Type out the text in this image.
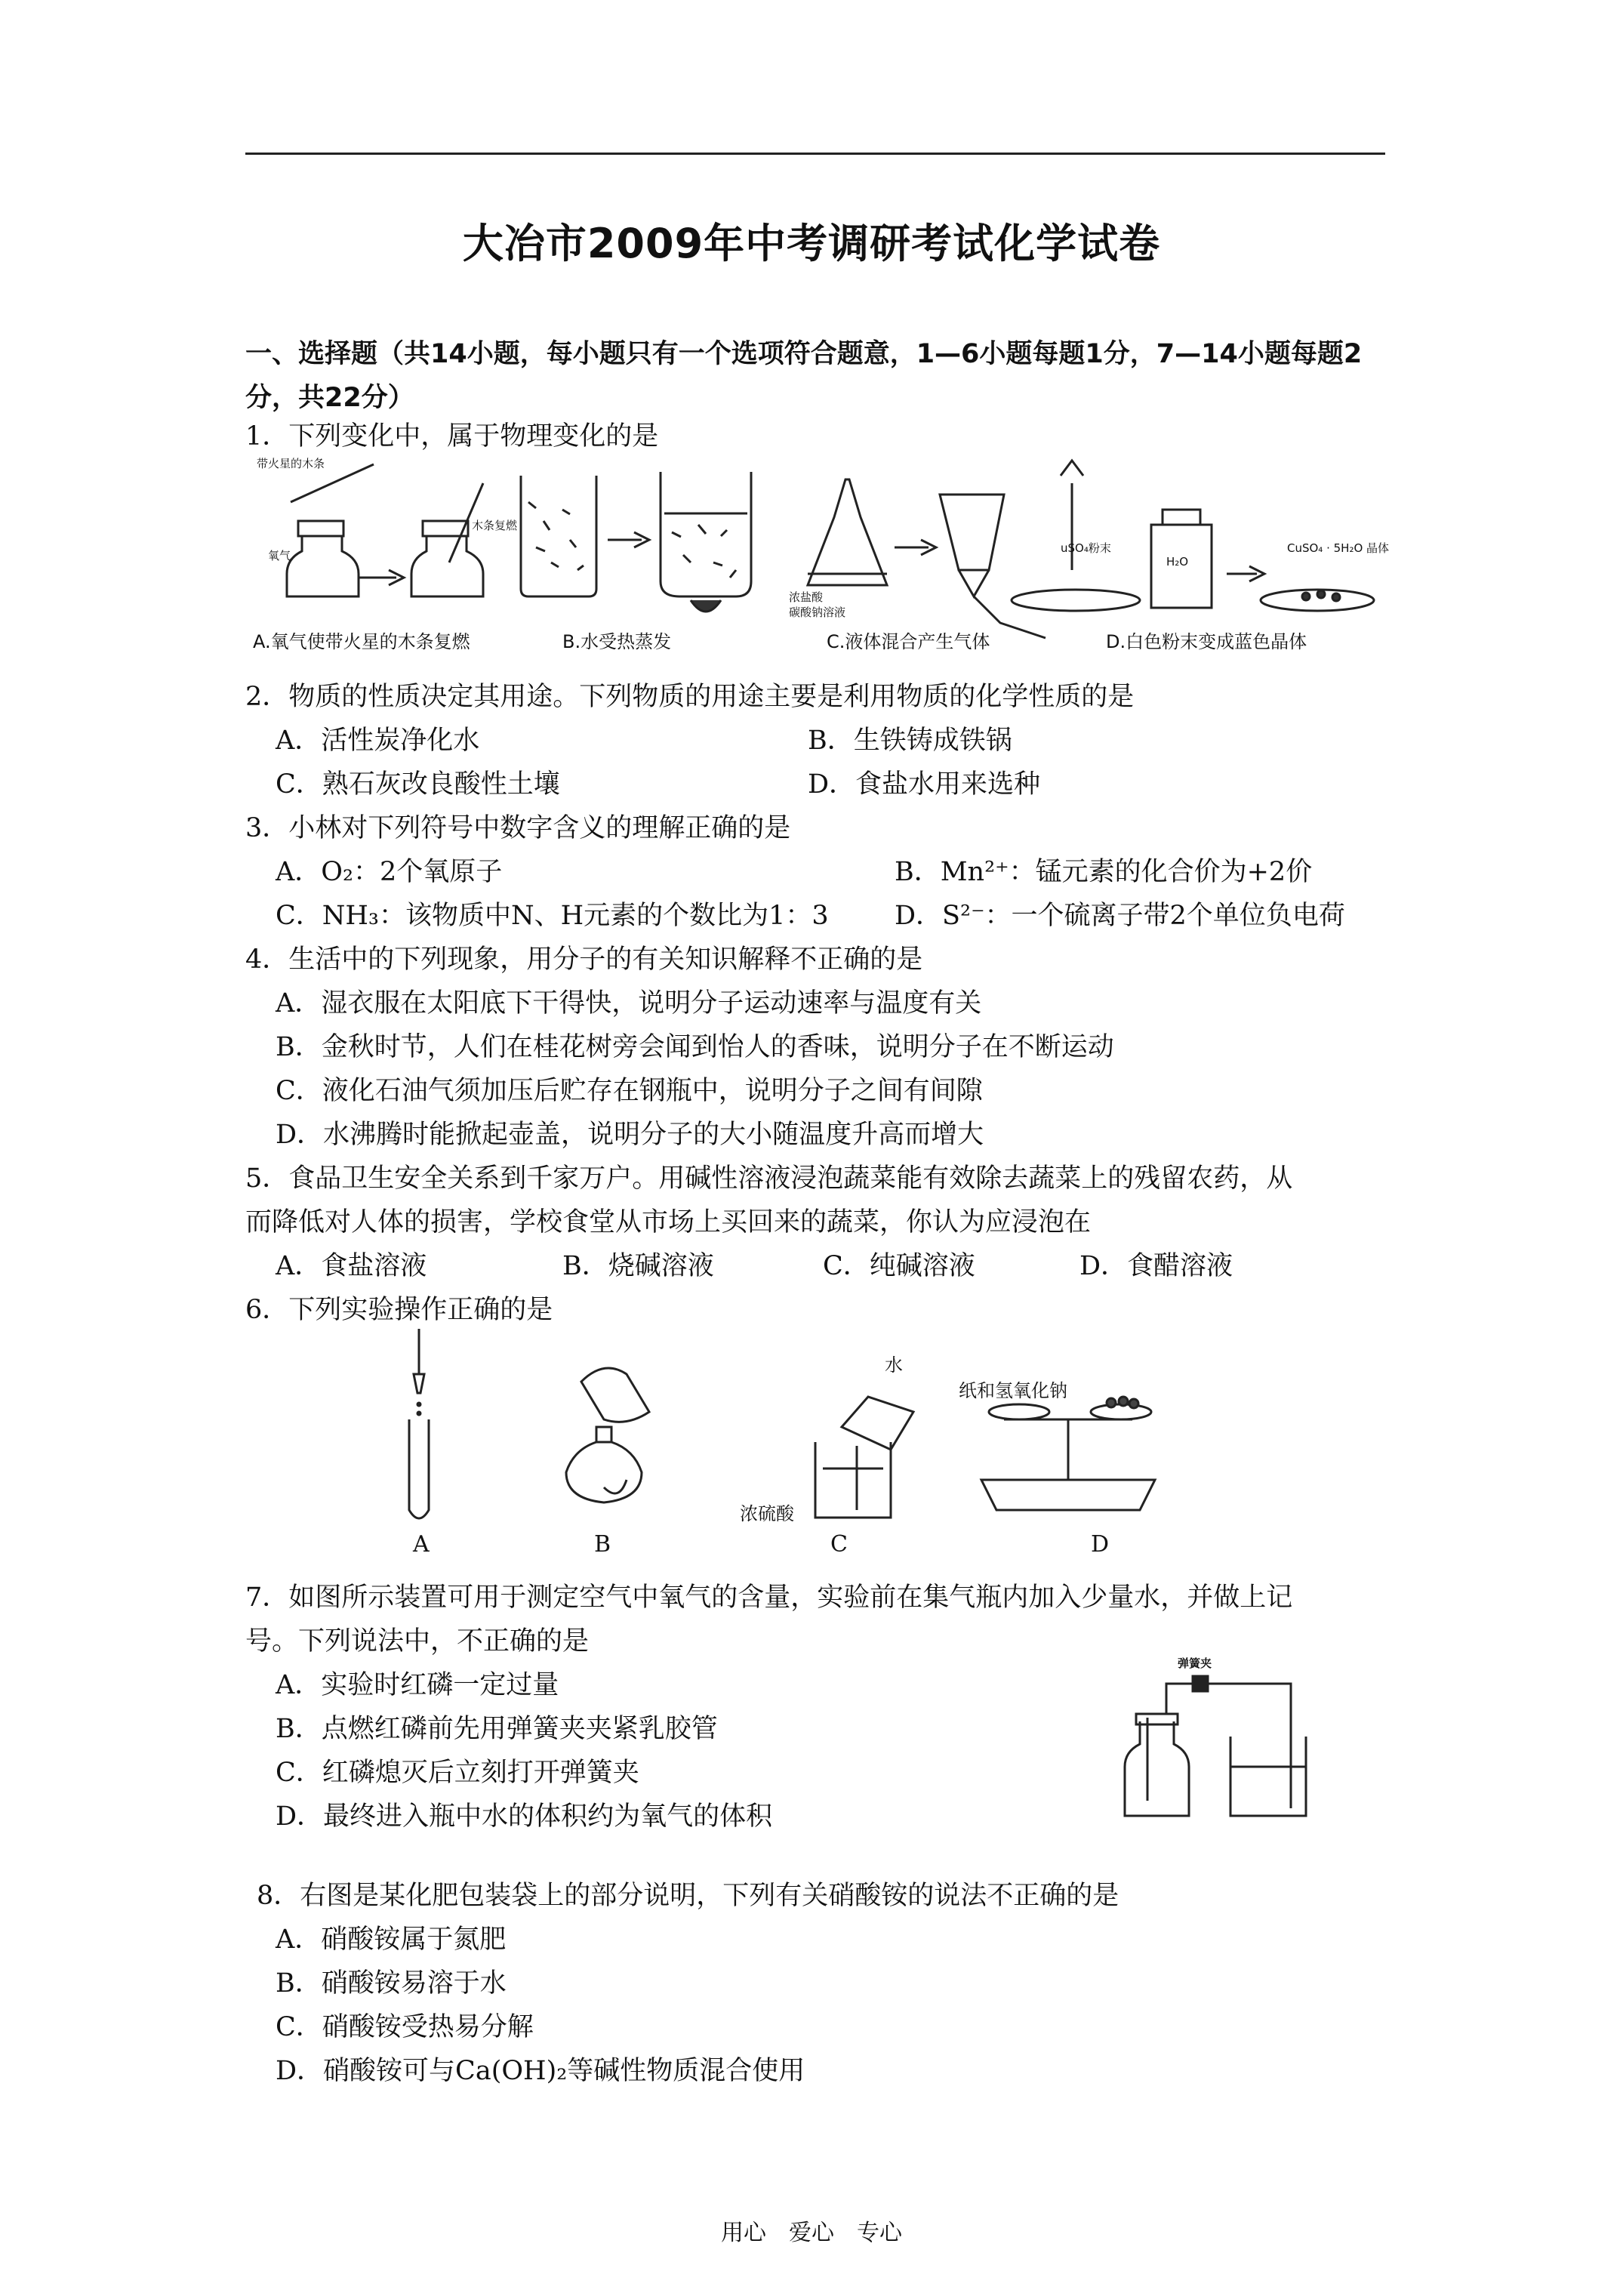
大冶市2009年中考调研考试化学试卷
一、选择题（共14小题，每小题只有一个选项符合题意，1—6小题每题1分，7—14小题每题2分，共22分）
1．下列变化中，属于物理变化的是
带火星的木条
氧气
木条复燃
浓盐酸
碳酸钠溶液
uSO₄粉末
H₂O
CuSO₄ · 5H₂O 晶体
A.氧气使带火星的木条复燃	B.水受热蒸发	C.液体混合产生气体	D.白色粉末变成蓝色晶体
2．物质的性质决定其用途。下列物质的用途主要是利用物质的化学性质的是
A．活性炭净化水	B．生铁铸成铁锅
C．熟石灰改良酸性土壤	D．食盐水用来选种
3．小林对下列符号中数字含义的理解正确的是
A．O₂：2个氧原子	B．Mn²⁺：锰元素的化合价为+2价
C．NH₃：该物质中N、H元素的个数比为1：3 D．S²⁻：一个硫离子带2个单位负电荷
4．生活中的下列现象，用分子的有关知识解释不正确的是
A．湿衣服在太阳底下干得快，说明分子运动速率与温度有关
B．金秋时节，人们在桂花树旁会闻到怡人的香味，说明分子在不断运动
C．液化石油气须加压后贮存在钢瓶中，说明分子之间有间隙
D．水沸腾时能掀起壶盖，说明分子的大小随温度升高而增大
5．食品卫生安全关系到千家万户。用碱性溶液浸泡蔬菜能有效除去蔬菜上的残留农药，从
而降低对人体的损害，学校食堂从市场上买回来的蔬菜，你认为应浸泡在
A．食盐溶液	B．烧碱溶液	C．纯碱溶液	D．食醋溶液
6．下列实验操作正确的是
水
浓硫酸
纸和氢氧化钠
A	B	C	D
7．如图所示装置可用于测定空气中氧气的含量，实验前在集气瓶内加入少量水，并做上记
号。下列说法中，不正确的是
A．实验时红磷一定过量
B．点燃红磷前先用弹簧夹夹紧乳胶管
C．红磷熄灭后立刻打开弹簧夹
D．最终进入瓶中水的体积约为氧气的体积
弹簧夹
8．右图是某化肥包装袋上的部分说明，下列有关硝酸铵的说法不正确的是
A．硝酸铵属于氮肥
B．硝酸铵易溶于水
C．硝酸铵受热易分解
D．硝酸铵可与Ca(OH)₂等碱性物质混合使用
用心　爱心　专心
